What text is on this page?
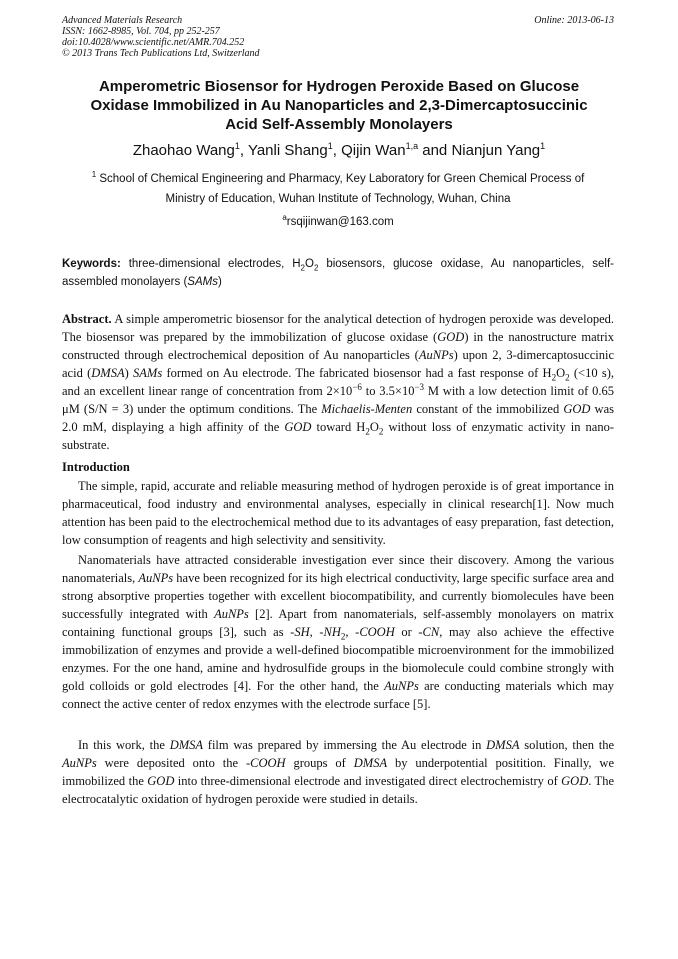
Advanced Materials Research
ISSN: 1662-8985, Vol. 704, pp 252-257
doi:10.4028/www.scientific.net/AMR.704.252
© 2013 Trans Tech Publications Ltd, Switzerland
Online: 2013-06-13
Amperometric Biosensor for Hydrogen Peroxide Based on Glucose
Oxidase Immobilized in Au Nanoparticles and 2,3-Dimercaptosuccinic
Acid Self-Assembly Monolayers
Zhaohao Wang$^1$, Yanli Shang$^1$, Qijin Wan$^{1,a}$ and Nianjun Yang$^1$
$^1$ School of Chemical Engineering and Pharmacy, Key Laboratory for Green Chemical Process of
Ministry of Education, Wuhan Institute of Technology, Wuhan, China
$^a$rsqijinwan@163.com
Keywords: three-dimensional electrodes, $H_2O_2$ biosensors, glucose oxidase, Au nanoparticles, self-assembled monolayers (SAMs)
Abstract. A simple amperometric biosensor for the analytical detection of hydrogen peroxide was developed. The biosensor was prepared by the immobilization of glucose oxidase (GOD) in the nanostructure matrix constructed through electrochemical deposition of Au nanoparticles (AuNPs) upon 2, 3-dimercaptosuccinic acid (DMSA) SAMs formed on Au electrode. The fabricated biosensor had a fast response of $H_2O_2$ (<10 s), and an excellent linear range of concentration from $2\times 10^{-6}$ to $3.5\times 10^{-3}$ M with a low detection limit of 0.65 μM (S/N = 3) under the optimum conditions. The Michaelis-Menten constant of the immobilized GOD was 2.0 mM, displaying a high affinity of the GOD toward $H_2O_2$ without loss of enzymatic activity in nano-substrate.
Introduction
The simple, rapid, accurate and reliable measuring method of hydrogen peroxide is of great importance in pharmaceutical, food industry and environmental analyses, especially in clinical research[1]. Now much attention has been paid to the electrochemical method due to its advantages of easy preparation, fast detection, low consumption of reagents and high selectivity and sensitivity.
Nanomaterials have attracted considerable investigation ever since their discovery. Among the various nanomaterials, AuNPs have been recognized for its high electrical conductivity, large specific surface area and strong absorptive properties together with excellent biocompatibility, and currently biomolecules have been successfully integrated with AuNPs [2]. Apart from nanomaterials, self-assembly monolayers on matrix containing functional groups [3], such as -SH, $-NH_2$, -COOH or -CN, may also achieve the effective immobilization of enzymes and provide a well-defined biocompatible microenvironment for the immobilized enzymes. For the one hand, amine and hydrosulfide groups in the biomolecule could combine strongly with gold colloids or gold electrodes [4]. For the other hand, the AuNPs are conducting materials which may connect the active center of redox enzymes with the electrode surface [5].
In this work, the DMSA film was prepared by immersing the Au electrode in DMSA solution, then the AuNPs were deposited onto the -COOH groups of DMSA by underpotential positition. Finally, we immobilized the GOD into three-dimensional electrode and investigated direct electrochemistry of GOD. The electrocatalytic oxidation of hydrogen peroxide were studied in details.
